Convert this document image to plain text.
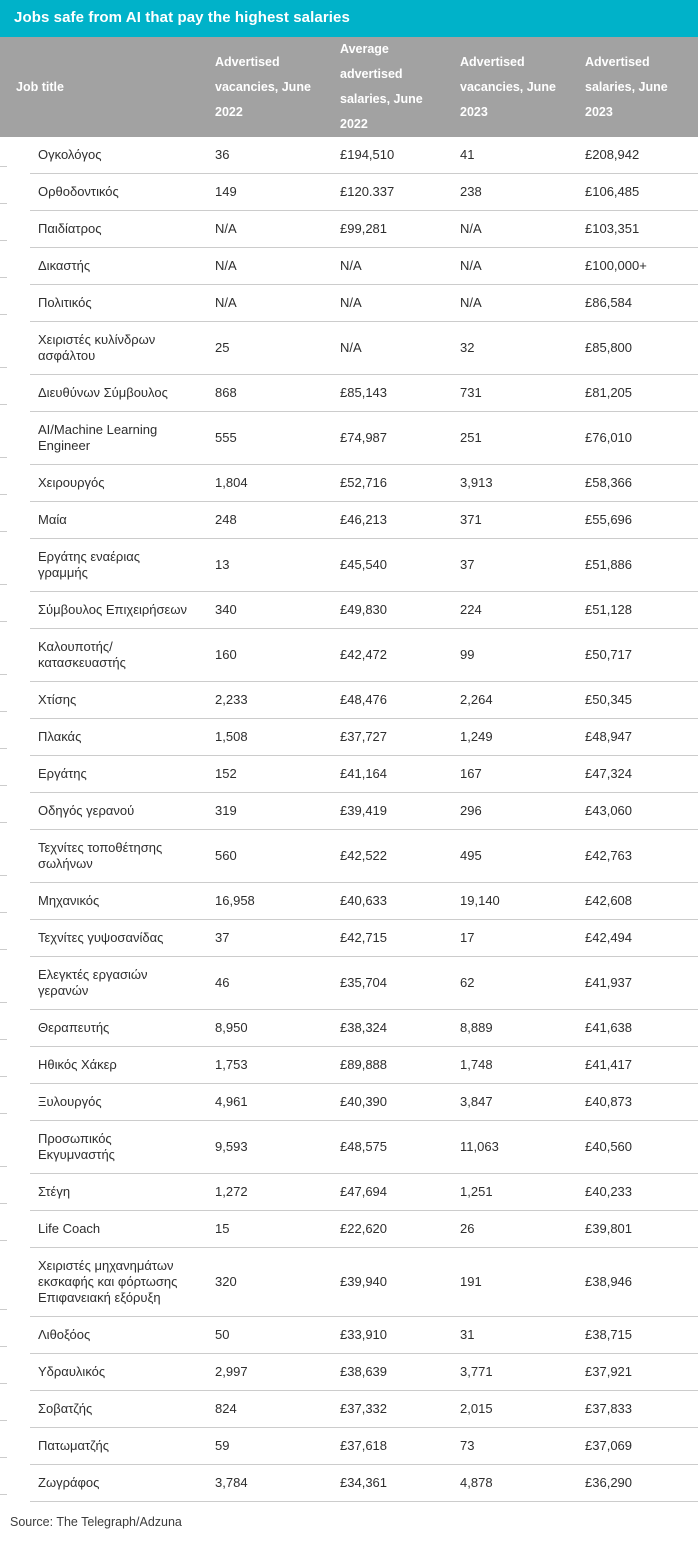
Jobs safe from AI that pay the highest salaries
Job title		Advertised vacancies, June 2022	Average advertised salaries, June 2022	Advertised vacancies, June 2023	Advertised salaries, June 2023
	Ογκολόγος	36	£194,510	41	£208,942
	Ορθοδοντικός	149	£120.337	238	£106,485
	Παιδίατρος	N/A	£99,281	N/A	£103,351
	Δικαστής	N/A	N/A	N/A	£100,000+
	Πολιτικός	N/A	N/A	N/A	£86,584
	Χειριστές κυλίνδρων ασφάλτου	25	N/A	32	£85,800
	Διευθύνων Σύμβουλος	868	£85,143	731	£81,205
	AI/Machine Learning Engineer	555	£74,987	251	£76,010
	Χειρουργός	1,804	£52,716	3,913	£58,366
	Μαία	248	£46,213	371	£55,696
	Εργάτης εναέριας γραμμής	13	£45,540	37	£51,886
	Σύμβουλος Επιχειρήσεων	340	£49,830	224	£51,128
	Καλουποτής/ κατασκευαστής	160	£42,472	99	£50,717
	Χτίσης	2,233	£48,476	2,264	£50,345
	Πλακάς	1,508	£37,727	1,249	£48,947
	Εργάτης	152	£41,164	167	£47,324
	Οδηγός γερανού	319	£39,419	296	£43,060
	Τεχνίτες τοποθέτησης σωλήνων	560	£42,522	495	£42,763
	Μηχανικός	16,958	£40,633	19,140	£42,608
	Τεχνίτες γυψοσανίδας	37	£42,715	17	£42,494
	Ελεγκτές εργασιών γερανών	46	£35,704	62	£41,937
	Θεραπευτής	8,950	£38,324	8,889	£41,638
	Ηθικός Χάκερ	1,753	£89,888	1,748	£41,417
	Ξυλουργός	4,961	£40,390	3,847	£40,873
	Προσωπικός Εκγυμναστής	9,593	£48,575	11,063	£40,560
	Στέγη	1,272	£47,694	1,251	£40,233
	Life Coach	15	£22,620	26	£39,801
	Χειριστές μηχανημάτων εκσκαφής και φόρτωσης Επιφανειακή εξόρυξη	320	£39,940	191	£38,946
	Λιθοξόος	50	£33,910	31	£38,715
	Υδραυλικός	2,997	£38,639	3,771	£37,921
	Σοβατζής	824	£37,332	2,015	£37,833
	Πατωματζής	59	£37,618	73	£37,069
	Ζωγράφος	3,784	£34,361	4,878	£36,290
Source: The Telegraph/Adzuna
